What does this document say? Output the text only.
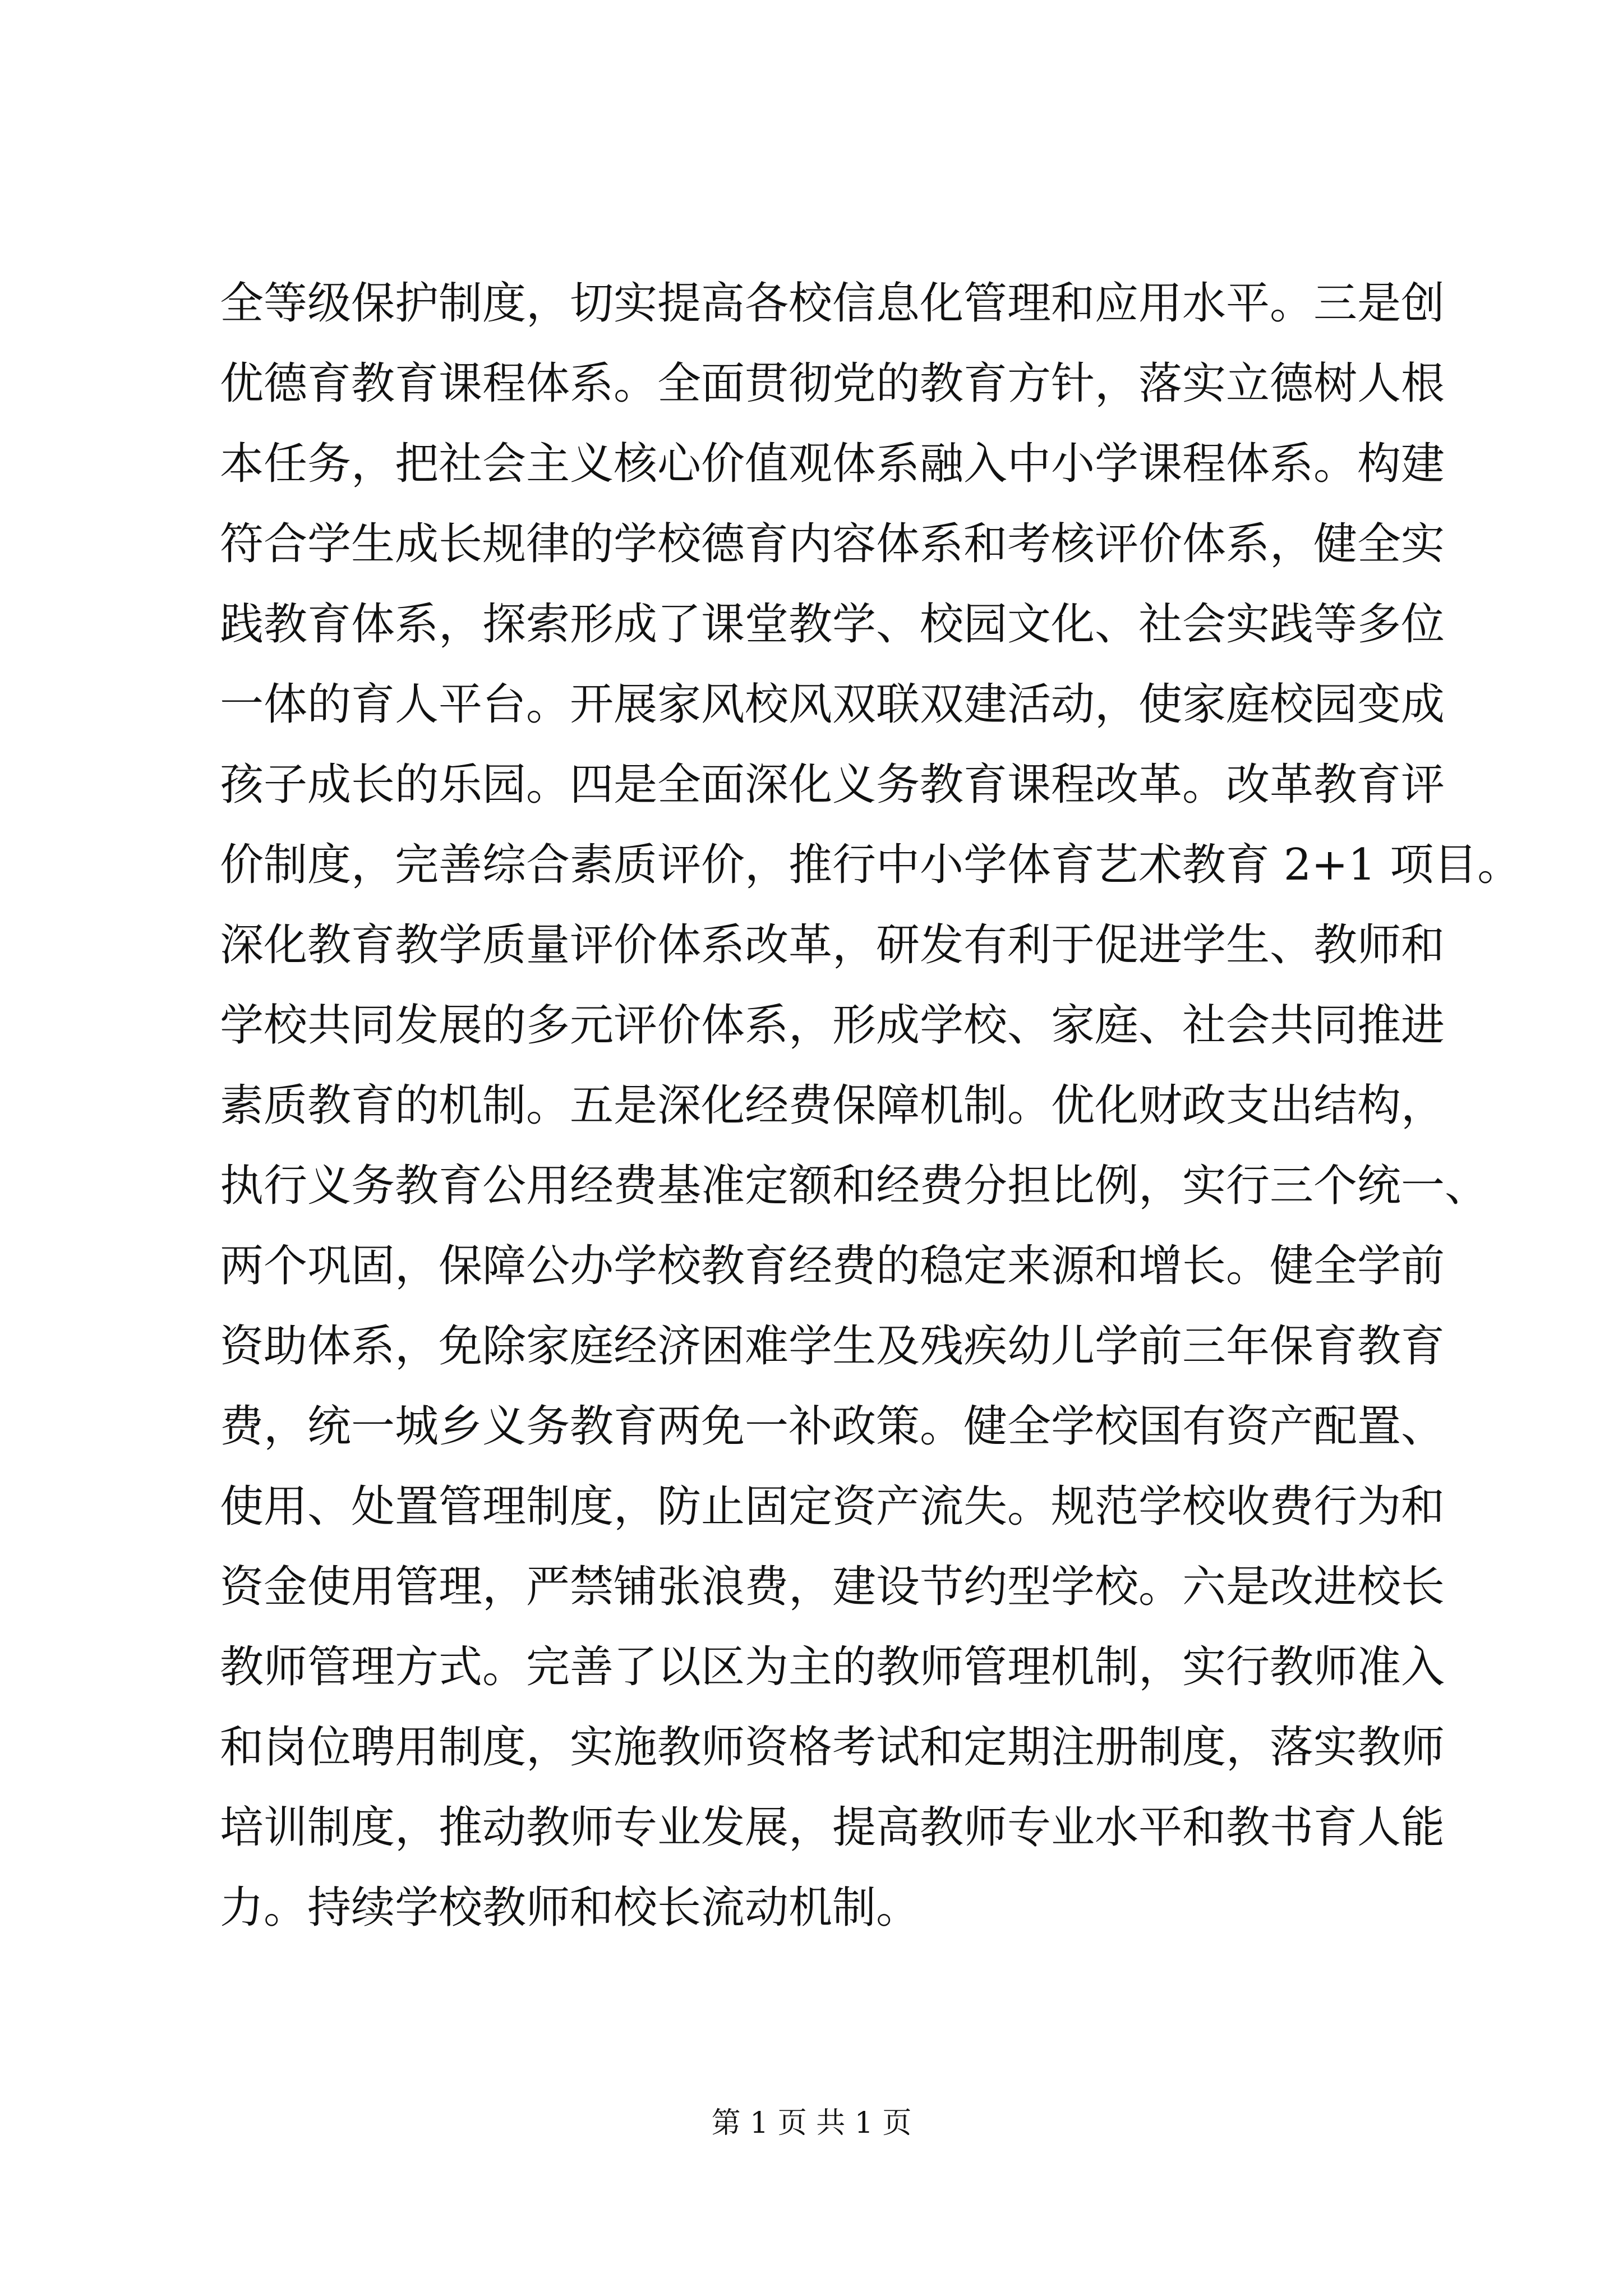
全等级保护制度，切实提高各校信息化管理和应用水平。三是创
优德育教育课程体系。全面贯彻党的教育方针，落实立德树人根
本任务，把社会主义核心价值观体系融入中小学课程体系。构建
符合学生成长规律的学校德育内容体系和考核评价体系，健全实
践教育体系，探索形成了课堂教学、校园文化、社会实践等多位
一体的育人平台。开展家风校风双联双建活动，使家庭校园变成
孩子成长的乐园。四是全面深化义务教育课程改革。改革教育评
价制度，完善综合素质评价，推行中小学体育艺术教育 2+1 项目。
深化教育教学质量评价体系改革，研发有利于促进学生、教师和
学校共同发展的多元评价体系，形成学校、家庭、社会共同推进
素质教育的机制。五是深化经费保障机制。优化财政支出结构，
执行义务教育公用经费基准定额和经费分担比例，实行三个统一、
两个巩固，保障公办学校教育经费的稳定来源和增长。健全学前
资助体系，免除家庭经济困难学生及残疾幼儿学前三年保育教育
费，统一城乡义务教育两免一补政策。健全学校国有资产配置、
使用、处置管理制度，防止固定资产流失。规范学校收费行为和
资金使用管理，严禁铺张浪费，建设节约型学校。六是改进校长
教师管理方式。完善了以区为主的教师管理机制，实行教师准入
和岗位聘用制度，实施教师资格考试和定期注册制度，落实教师
培训制度，推动教师专业发展，提高教师专业水平和教书育人能
力。持续学校教师和校长流动机制。
第 1 页 共 1 页
